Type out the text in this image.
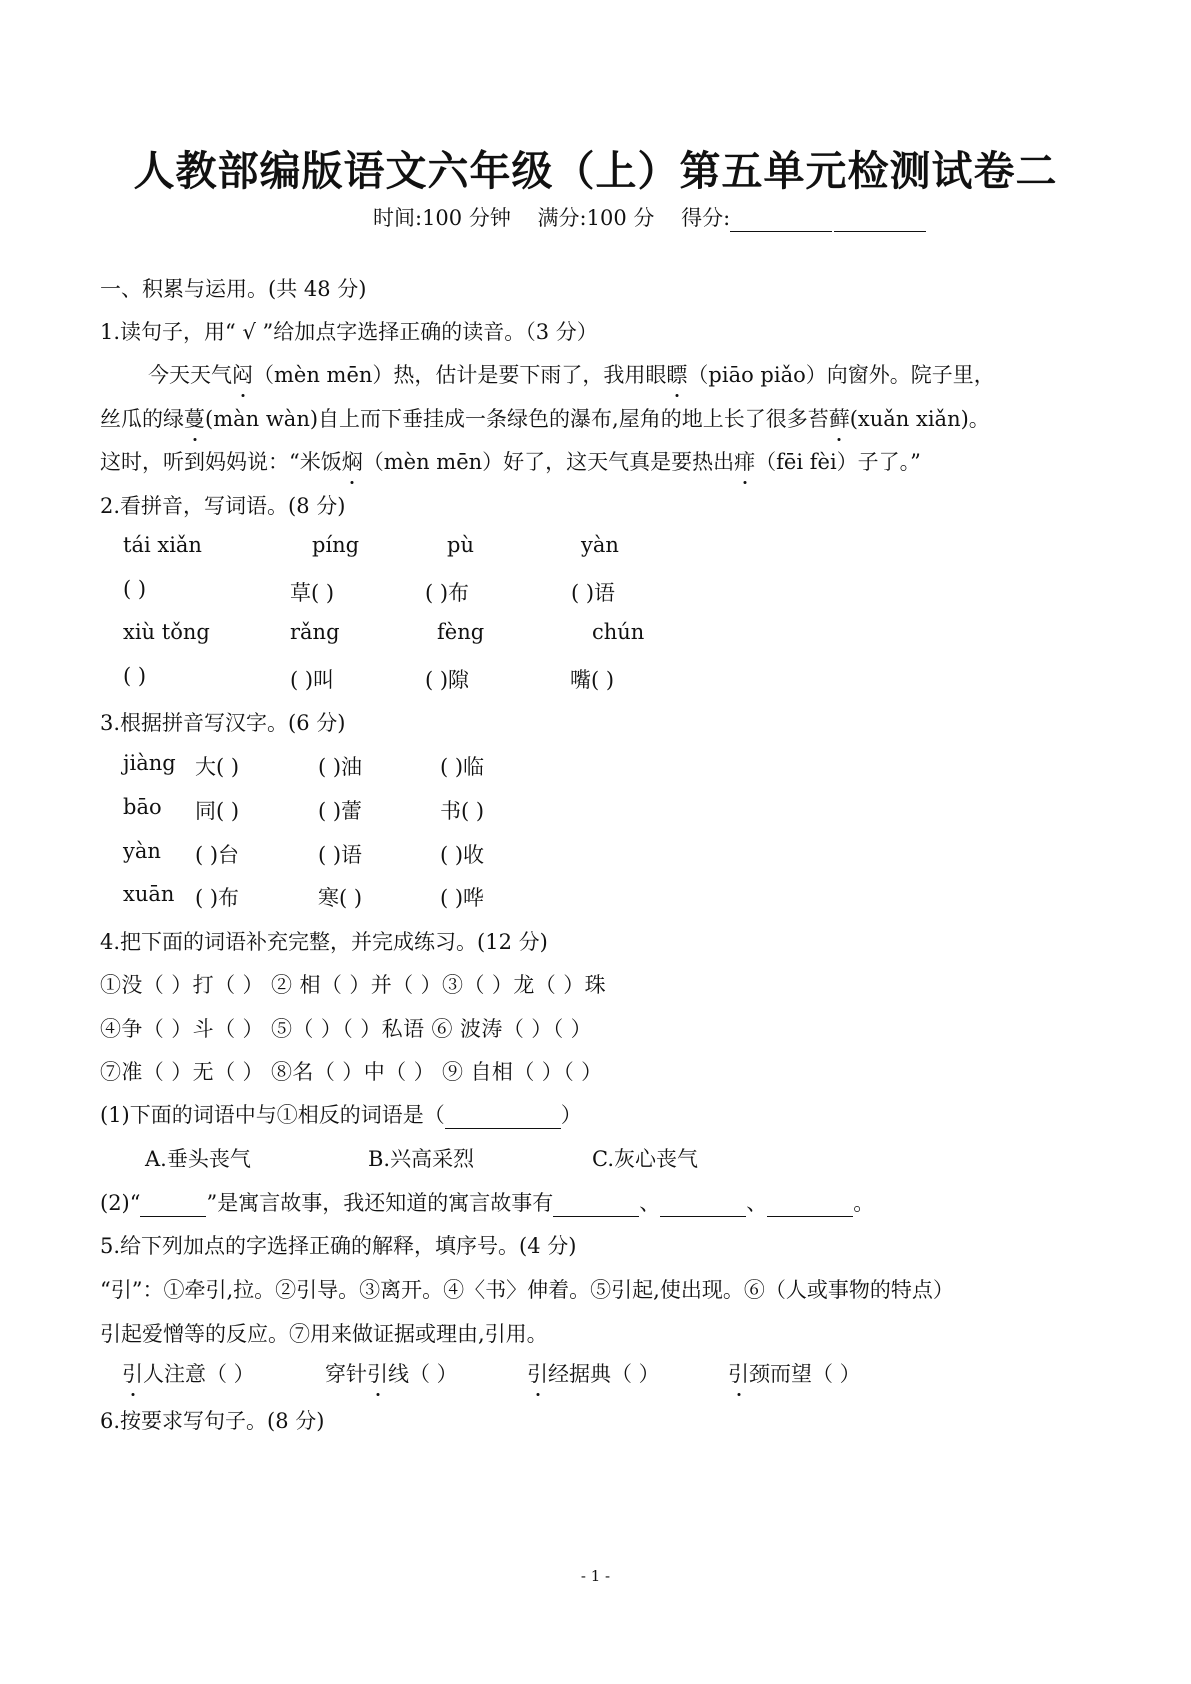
人教部编版语文六年级（上）第五单元检测试卷二
时间:100 分钟 满分:100 分 得分:
一、积累与运用。(共 48 分)
1.读句子，用“ √ ”给加点字选择正确的读音。（3 分）
今天天气闷（mèn mēn）热，估计是要下雨了，我用眼瞟（piāo piǎo）向窗外。院子里，
丝瓜的绿蔓(màn wàn)自上而下垂挂成一条绿色的瀑布,屋角的地上长了很多苔藓(xuǎn xiǎn)。
这时，听到妈妈说：“米饭焖（mèn mēn）好了，这天气真是要热出痱（fēi fèi）子了。”
2.看拼音，写词语。(8 分)
tái xiǎn	píng	pù	yàn
( )	草( )	( )布	( )语
xiù tǒng	rǎng	fèng	chún
( )	( )叫	( )隙	嘴( )
3.根据拼音写汉字。(6 分)
jiàng 大( )	( )油	( )临
bāo 同( )	( )蕾	书( )
yàn ( )台	( )语	( )收
xuān ( )布	寒( )	( )哗
4.把下面的词语补充完整，并完成练习。(12 分)
①没（ ）打（ ） ② 相（ ）并（ ）③（ ）龙（ ）珠
④争（ ）斗（ ） ⑤（ ）（ ）私语 ⑥ 波涛（ ）（ ）
⑦准（ ）无（ ） ⑧名（ ）中（ ） ⑨ 自相（ ）（ ）
(1)下面的词语中与①相反的词语是（	）
A.垂头丧气	B.兴高采烈	C.灰心丧气
(2)“	”是寓言故事，我还知道的寓言故事有	、	、	。
5.给下列加点的字选择正确的解释，填序号。(4 分)
“引”：①牵引,拉。②引导。③离开。④〈书〉伸着。⑤引起,使出现。⑥（人或事物的特点）
引起爱憎等的反应。⑦用来做证据或理由,引用。
引人注意（ ）	穿针引线（ ）	引经据典（ ）	引颈而望（ ）
6.按要求写句子。(8 分)
- 1 -
